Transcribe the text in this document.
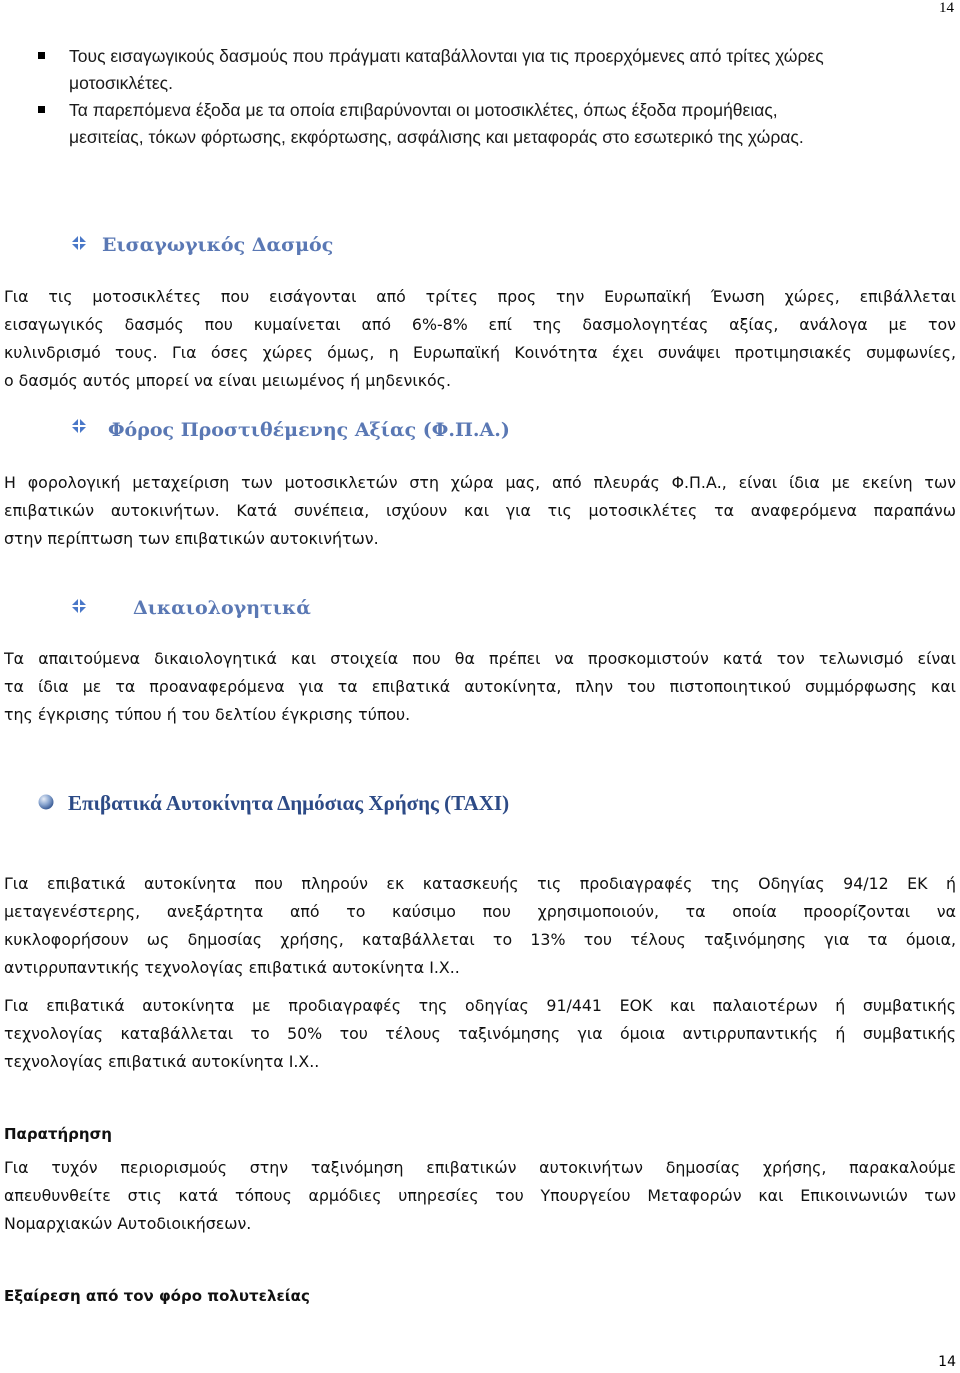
14
Τους εισαγωγικούς δασμούς που πράγματι καταβάλλονται για τις προερχόμενες από τρίτες χώρες
μοτοσικλέτες.
Τα παρεπόμενα έξοδα με τα οποία επιβαρύνονται οι μοτοσικλέτες, όπως έξοδα προμήθειας,
μεσιτείας, τόκων φόρτωσης, εκφόρτωσης, ασφάλισης και μεταφοράς στο εσωτερικό της χώρας.
Εισαγωγικός Δασμός
Για τις μοτοσικλέτες που εισάγονται από τρίτες προς την Ευρωπαϊκή Ένωση χώρες, επιβάλλεται
εισαγωγικός δασμός που κυμαίνεται από 6%-8% επί της δασμολογητέας αξίας, ανάλογα με τον
κυλινδρισμό τους. Για όσες χώρες όμως, η Ευρωπαϊκή Κοινότητα έχει συνάψει προτιμησιακές συμφωνίες,
ο δασμός αυτός μπορεί να είναι μειωμένος ή μηδενικός.
Φόρος Προστιθέμενης Αξίας (Φ.Π.Α.)
Η φορολογική μεταχείριση των μοτοσικλετών στη χώρα μας, από πλευράς Φ.Π.Α., είναι ίδια με εκείνη των
επιβατικών αυτοκινήτων. Κατά συνέπεια, ισχύουν και για τις μοτοσικλέτες τα αναφερόμενα παραπάνω
στην περίπτωση των επιβατικών αυτοκινήτων.
Δικαιολογητικά
Τα απαιτούμενα δικαιολογητικά και στοιχεία που θα πρέπει να προσκομιστούν κατά τον τελωνισμό είναι
τα ίδια με τα προαναφερόμενα για τα επιβατικά αυτοκίνητα, πλην του πιστοποιητικού συμμόρφωσης και
της έγκρισης τύπου ή του δελτίου έγκρισης τύπου.
Επιβατικά Αυτοκίνητα Δημόσιας Χρήσης (TAXI)
Για επιβατικά αυτοκίνητα που πληρούν εκ κατασκευής τις προδιαγραφές της Οδηγίας 94/12 ΕΚ ή
μεταγενέστερης, ανεξάρτητα από το καύσιμο που χρησιμοποιούν, τα οποία προορίζονται να
κυκλοφορήσουν ως δημοσίας χρήσης, καταβάλλεται το 13% του τέλους ταξινόμησης για τα όμοια,
αντιρρυπαντικής τεχνολογίας επιβατικά αυτοκίνητα Ι.Χ..
Για επιβατικά αυτοκίνητα με προδιαγραφές της οδηγίας 91/441 ΕΟΚ και παλαιοτέρων ή συμβατικής
τεχνολογίας καταβάλλεται το 50% του τέλους ταξινόμησης για όμοια αντιρρυπαντικής ή συμβατικής
τεχνολογίας επιβατικά αυτοκίνητα Ι.Χ..
Παρατήρηση
Για τυχόν περιορισμούς στην ταξινόμηση επιβατικών αυτοκινήτων δημοσίας χρήσης, παρακαλούμε
απευθυνθείτε στις κατά τόπους αρμόδιες υπηρεσίες του Υπουργείου Μεταφορών και Επικοινωνιών των
Νομαρχιακών Αυτοδιοικήσεων.
Εξαίρεση από τον φόρο πολυτελείας
14
